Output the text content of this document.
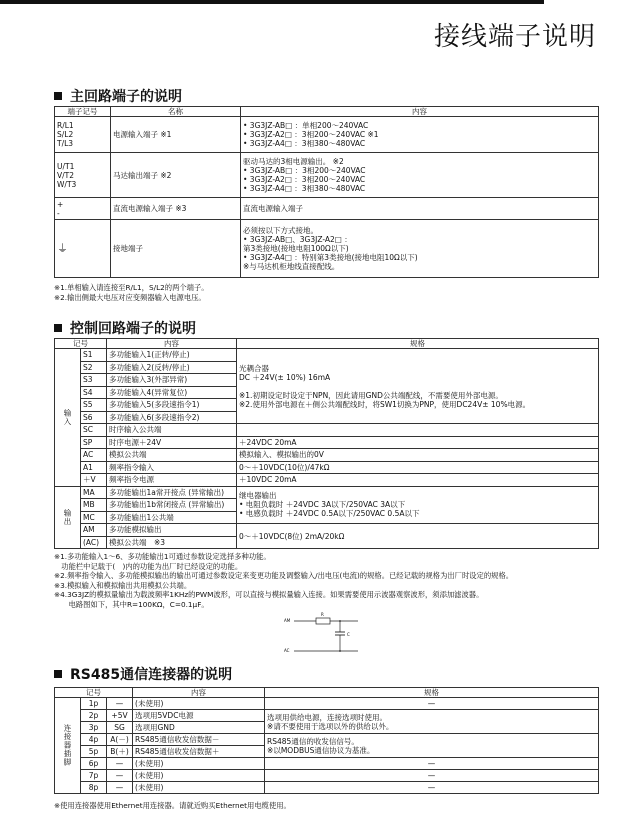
接线端子说明
主回路端子的说明
端子记号	名称	内容
R/L1
S/L2
T/L3	电源输入端子 ※1	• 3G3JZ-AB□ ：单相200～240VAC
• 3G3JZ-A2□ ：3相200～240VAC ※1
• 3G3JZ-A4□ ：3相380～480VAC
U/T1
V/T2
W/T3	马达输出端子 ※2	驱动马达的3相电源输出。 ※2
• 3G3JZ-AB□ ：3相200～240VAC
• 3G3JZ-A2□ ：3相200～240VAC
• 3G3JZ-A4□ ：3相380～480VAC
+
-	直流电源输入端子 ※3	直流电源输入端子
⏚	接地端子	必须按以下方式接地。
• 3G3JZ-AB□、3G3JZ-A2□ ：
第3类接地(接地电阻100Ω以下)
• 3G3JZ-A4□ ：特别第3类接地(接地电阻10Ω以下)
※与马达机柜地线直接配线。
※1.单相输入请连接至R/L1，S/L2的两个端子。
※2.输出侧最大电压对应变频器输入电源电压。
控制回路端子的说明
记号		内容	规格
输入	S1	多功能输入1(正转/停止)	光耦合器
DC ＋24V(± 10%) 16mA

※1.初期设定时设定于NPN，因此请用GND公共端配线，不需要使用外部电源。
※2.使用外部电源在＋侧公共端配线时，将SW1切换为PNP，使用DC24V± 10%电源。
	S2	多功能输入2(反转/停止)	
	S3	多功能输入3(外部异常)	
	S4	多功能输入4(异常复位)	
	S5	多功能输入5(多段速指令1)	
	S6	多功能输入6(多段速指令2)	
	SC	时序输入公共端	
	SP	时序电源＋24V	＋24VDC 20mA
	AC	模拟公共端	模拟输入、模拟输出的0V
	A1	频率指令输入	0～＋10VDC(10位)/47kΩ
	＋V	频率指令电源	＋10VDC 20mA
输出	MA	多功能输出1a常开接点 (异常输出)	继电器输出
• 电阻负载时 ＋24VDC 3A以下/250VAC 3A以下
• 电感负载时 ＋24VDC 0.5A以下/250VAC 0.5A以下
	MB	多功能输出1b常闭接点 (异常输出)	
	MC	多功能输出1公共端	
	AM	多功能模拟输出	0～＋10VDC(8位) 2mA/20kΩ
	(AC)	模拟公共端　※3	
※1.多功能输入1～6、多功能输出1可通过参数设定选择多种功能。
　功能栏中记载于(　)内的功能为出厂时已经设定的功能。
※2.频率指令输入、多功能模拟输出的输出可通过参数设定来变更功能及调整输入/出电压(电流)的规格。已经记载的规格为出厂时设定的规格。
※3.模拟输入和模拟输出共用模拟公共端。
※4.3G3JZ的模拟量输出为载波频率1KHz的PWM波形，可以直接与模拟量输入连接。如果需要使用示波器观察波形，须添加滤波器。
　　电路图如下，其中R=100KΩ，C=0.1μF。
AM
AC
R
C
RS485通信连接器的说明
记号			内容	规格
连接器插脚	1p	—	(未使用)	—
	2p	+5V	选项用5VDC电源	选项用供给电源，连接选项时使用。
※请不要使用于选项以外的供给以外。
	3p	SG	选项用GND	
	4p	A(－)	RS485通信收发信数据－	RS485通信的收发信信号。
※以MODBUS通信协议为基准。
	5p	B(＋)	RS485通信收发信数据＋	
	6p	—	(未使用)	—
	7p	—	(未使用)	—
	8p	—	(未使用)	—
※使用连接器使用Ethernet用连接器。请就近购买Ethernet用电缆使用。
